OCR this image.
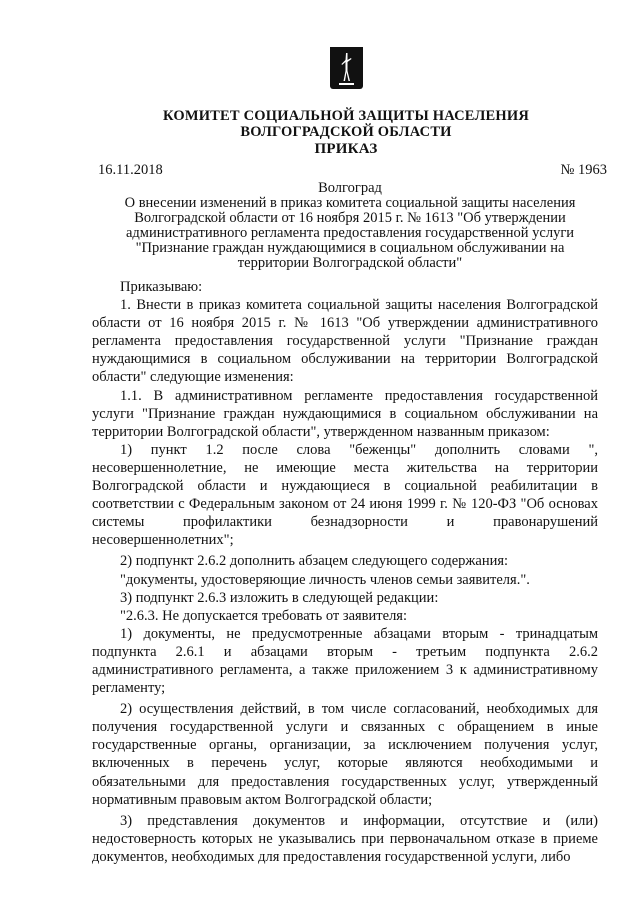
КОМИТЕТ СОЦИАЛЬНОЙ ЗАЩИТЫ НАСЕЛЕНИЯ
ВОЛГОГРАДСКОЙ ОБЛАСТИ
ПРИКАЗ
16.11.2018	№ 1963
Волгоград
О внесении изменений в приказ комитета социальной защиты населения Волгоградской области от 16 ноября 2015 г. № 1613 "Об утверждении административного регламента предоставления государственной услуги "Признание граждан нуждающимися в социальном обслуживании на территории Волгоградской области"

Приказываю:

1. Внести в приказ комитета социальной защиты населения Волгоградской области от 16 ноября 2015 г. № 1613 "Об утверждении административного регламента предоставления государственной услуги "Признание граждан нуждающимися в социальном обслуживании на территории Волгоградской области" следующие изменения:

1.1. В административном регламенте предоставления государственной услуги "Признание граждан нуждающимися в социальном обслуживании на территории Волгоградской области", утвержденном названным приказом:

1) пункт 1.2 после слова "беженцы" дополнить словами ", несовершеннолетние, не имеющие места жительства на территории Волгоградской области и нуждающиеся в социальной реабилитации в соответствии с Федеральным законом от 24 июня 1999 г. № 120-ФЗ "Об основах системы профилактики безнадзорности и правонарушений несовершеннолетних";

2) подпункт 2.6.2 дополнить абзацем следующего содержания:

"документы, удостоверяющие личность членов семьи заявителя.".

3) подпункт 2.6.3 изложить в следующей редакции:

"2.6.3. Не допускается требовать от заявителя:

1) документы, не предусмотренные абзацами вторым - тринадцатым подпункта 2.6.1 и абзацами вторым - третьим подпункта 2.6.2 административного регламента, а также приложением 3 к административному регламенту;

2) осуществления действий, в том числе согласований, необходимых для получения государственной услуги и связанных с обращением в иные государственные органы, организации, за исключением получения услуг, включенных в перечень услуг, которые являются необходимыми и обязательными для предоставления государственных услуг, утвержденный нормативным правовым актом Волгоградской области;

3) представления документов и информации, отсутствие и (или) недостоверность которых не указывались при первоначальном отказе в приеме документов, необходимых для предоставления государственной услуги, либо
